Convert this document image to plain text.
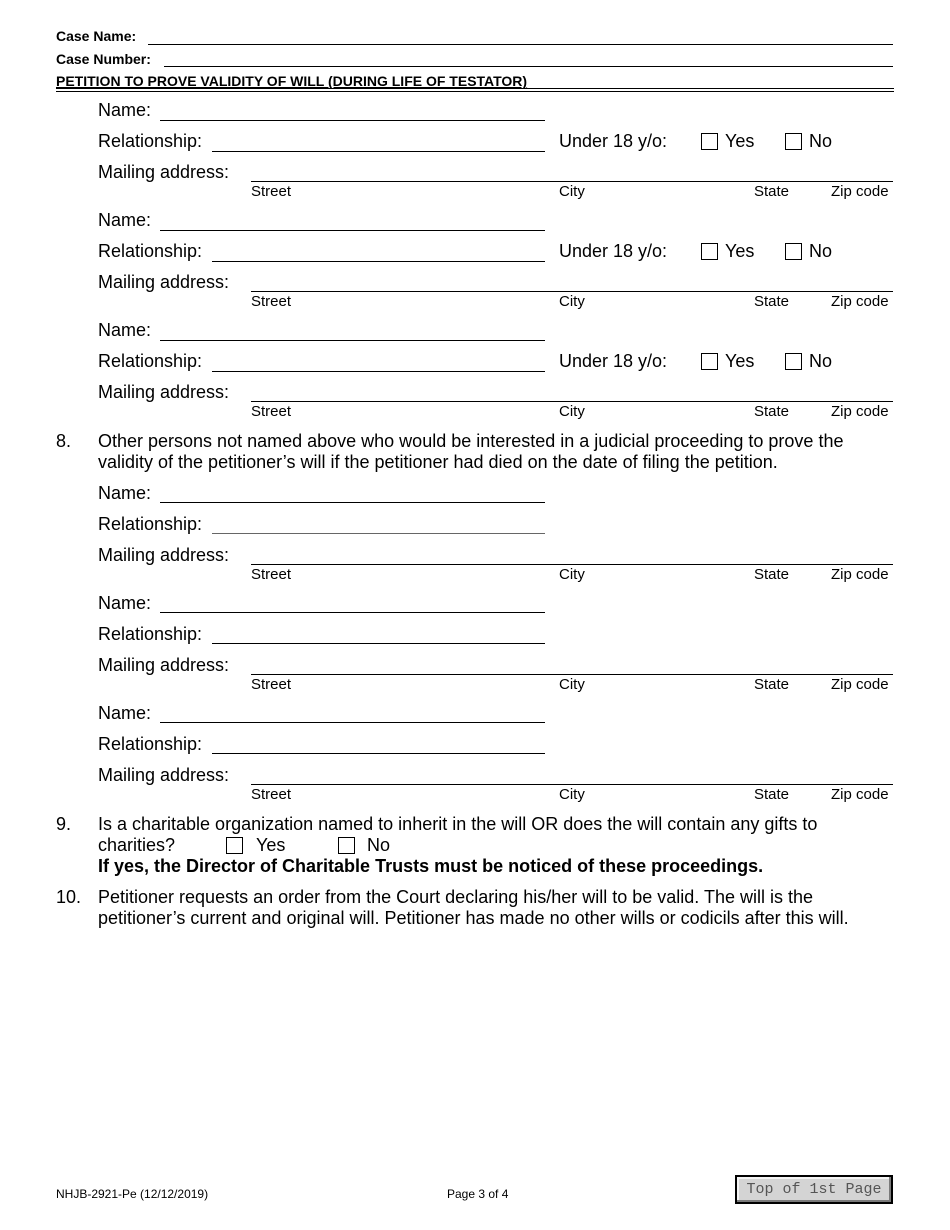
Case Name:
Case Number:
PETITION TO PROVE VALIDITY OF WILL (DURING LIFE OF TESTATOR)
Name:
Relationship:	Under 18 y/o:	Yes	No
Mailing address:
Street	City	State	Zip code
Name:
Relationship:	Under 18 y/o:	Yes	No
Mailing address:
Street	City	State	Zip code
Name:
Relationship:	Under 18 y/o:	Yes	No
Mailing address:
Street	City	State	Zip code
8. Other persons not named above who would be interested in a judicial proceeding to prove the validity of the petitioner’s will if the petitioner had died on the date of filing the petition.
Name:
Relationship:
Mailing address:
Street	City	State	Zip code
Name:
Relationship:
Mailing address:
Street	City	State	Zip code
Name:
Relationship:
Mailing address:
Street	City	State	Zip code
9. Is a charitable organization named to inherit in the will OR does the will contain any gifts to
charities?	Yes	No
If yes, the Director of Charitable Trusts must be noticed of these proceedings.
10. Petitioner requests an order from the Court declaring his/her will to be valid. The will is the petitioner’s current and original will. Petitioner has made no other wills or codicils after this will.
NHJB-2921-Pe (12/12/2019)	Page 3 of 4	Top of 1st Page
